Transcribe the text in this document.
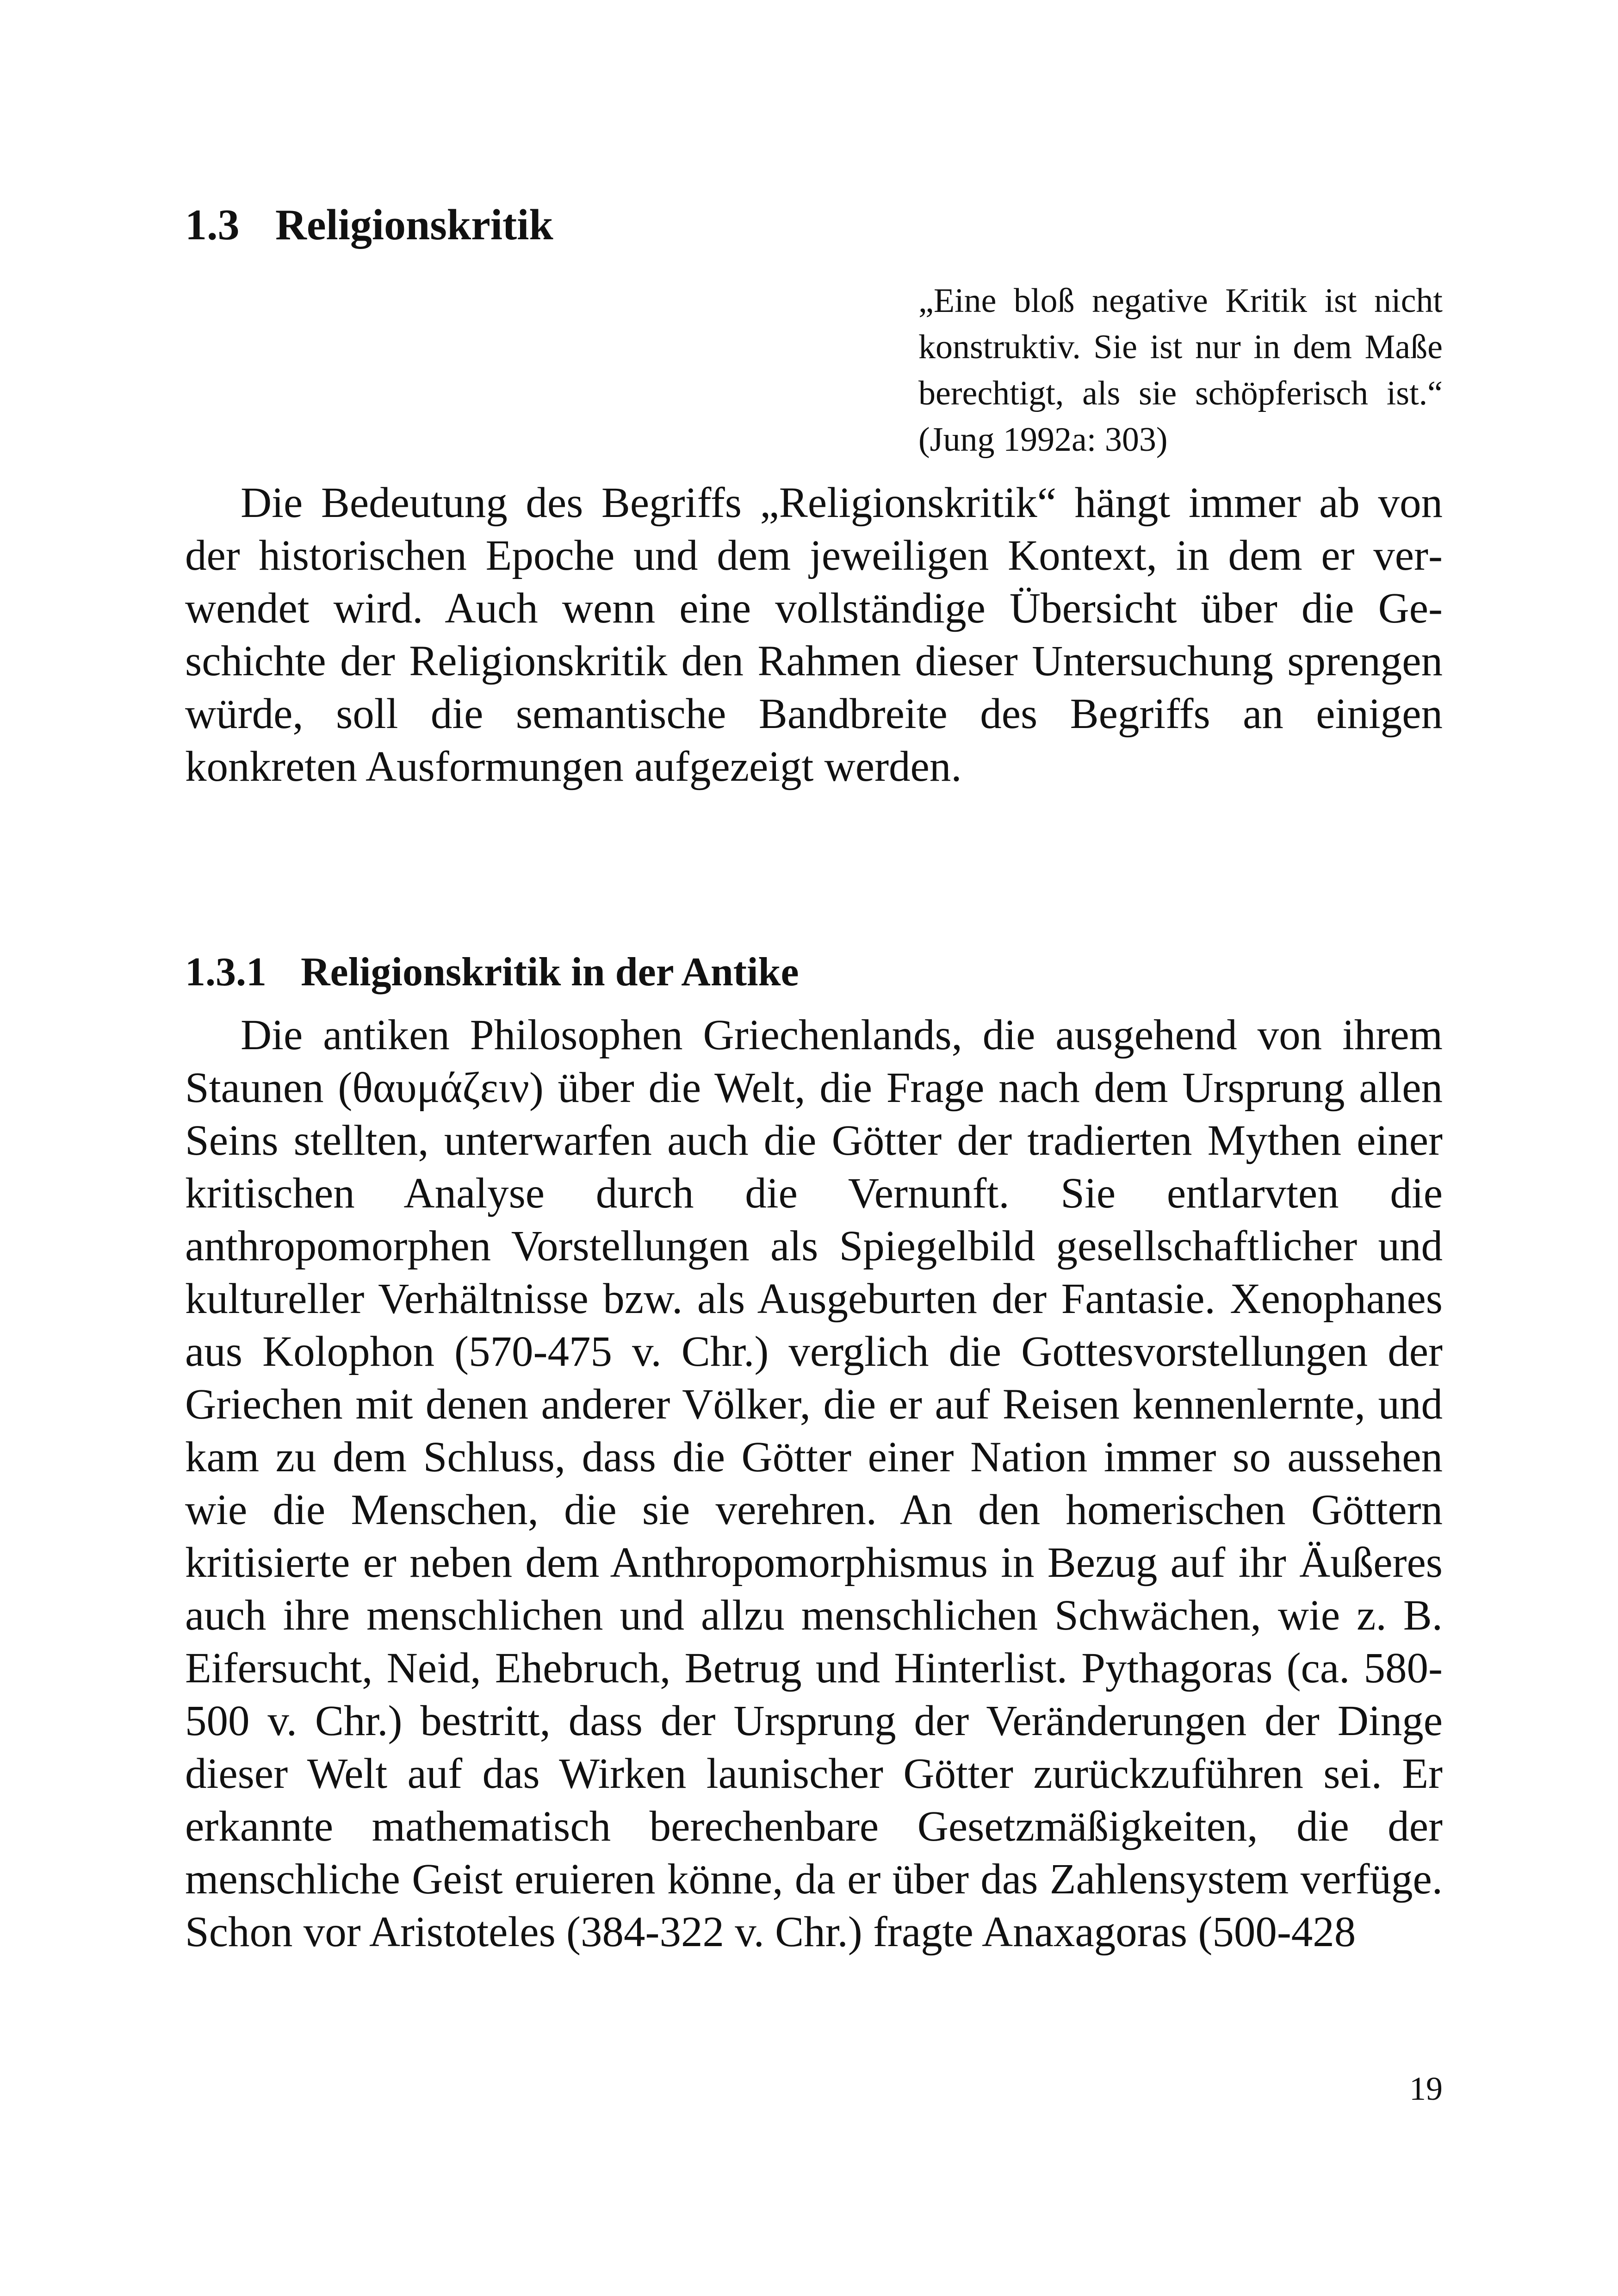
1.3 Religionskritik

„Eine bloß negative Kritik ist nicht konstruktiv. Sie ist nur in dem Maße berechtigt, als sie schöpferisch ist.“ (Jung 1992a: 303)

Die Bedeutung des Begriffs „Religionskritik“ hängt immer ab von der historischen Epoche und dem jeweiligen Kontext, in dem er verwendet wird. Auch wenn eine vollständige Übersicht über die Geschichte der Religionskritik den Rahmen dieser Untersuchung sprengen würde, soll die semantische Bandbreite des Begriffs an einigen konkreten Ausformungen aufgezeigt werden.

1.3.1 Religionskritik in der Antike

Die antiken Philosophen Griechenlands, die ausgehend von ihrem Staunen (θαυμάζειν) über die Welt, die Frage nach dem Ursprung allen Seins stellten, unterwarfen auch die Götter der tradierten Mythen einer kritischen Analyse durch die Vernunft. Sie entlarvten die anthropomorphen Vorstellungen als Spiegelbild gesellschaftlicher und kultureller Verhältnisse bzw. als Ausgeburten der Fantasie. Xenophanes aus Kolophon (570-475 v. Chr.) verglich die Gottesvorstellungen der Griechen mit denen anderer Völker, die er auf Reisen kennenlernte, und kam zu dem Schluss, dass die Götter einer Nation immer so aussehen wie die Menschen, die sie verehren. An den homerischen Göttern kritisierte er neben dem Anthropomorphismus in Bezug auf ihr Äußeres auch ihre menschlichen und allzu menschlichen Schwächen, wie z. B. Eifersucht, Neid, Ehebruch, Betrug und Hinterlist. Pythagoras (ca. 580-500 v. Chr.) bestritt, dass der Ursprung der Veränderungen der Dinge dieser Welt auf das Wirken launischer Götter zurückzuführen sei. Er erkannte mathematisch berechenbare Gesetzmäßigkeiten, die der menschliche Geist eruieren könne, da er über das Zahlensystem verfüge. Schon vor Aristoteles (384-322 v. Chr.) fragte Anaxagoras (500-428

19
